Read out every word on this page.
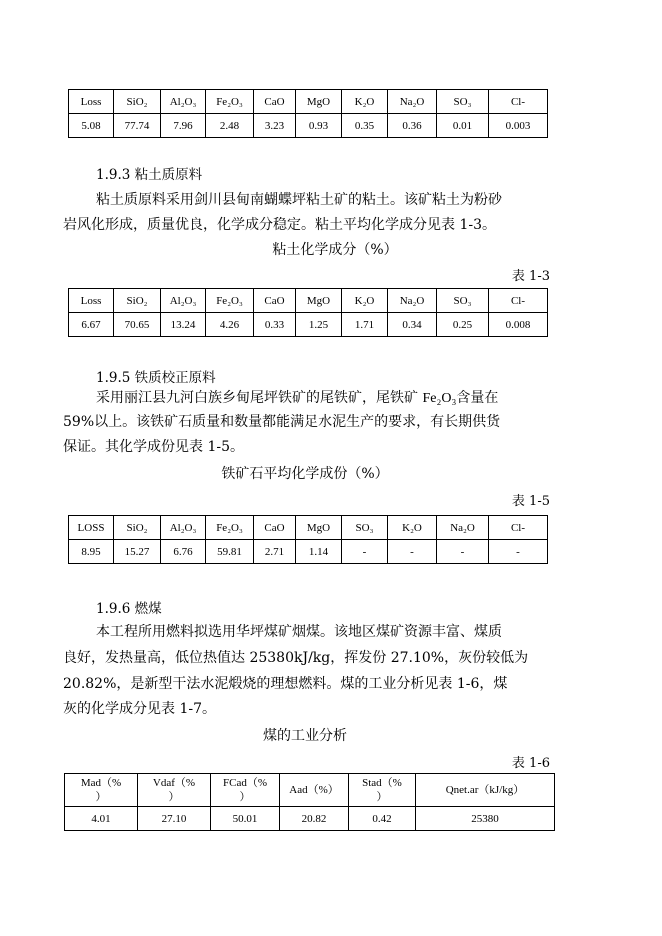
Loss	SiO₂	Al₂O₃	Fe₂O₃	CaO	MgO	K₂O	Na₂O	SO₃	Cl-
5.08	77.74	7.96	2.48	3.23	0.93	0.35	0.36	0.01	0.003
1.9.3 粘土质原料
粘土质原料采用剑川县甸南蝴蝶坪粘土矿的粘土。该矿粘土为粉砂
岩风化形成，质量优良，化学成分稳定。粘土平均化学成分见表 1-3。
粘土化学成分（%）
表 1-3
Loss	SiO₂	Al₂O₃	Fe₂O₃	CaO	MgO	K₂O	Na₂O	SO₃	Cl-
6.67	70.65	13.24	4.26	0.33	1.25	1.71	0.34	0.25	0.008
1.9.5 铁质校正原料
采用丽江县九河白族乡甸尾坪铁矿的尾铁矿，尾铁矿 Fe₂O₃含量在
59%以上。该铁矿石质量和数量都能满足水泥生产的要求，有长期供货
保证。其化学成份见表 1-5。
铁矿石平均化学成份（%）
表 1-5
LOSS	SiO₂	Al₂O₃	Fe₂O₃	CaO	MgO	SO₃	K₂O	Na₂O	Cl-
8.95	15.27	6.76	59.81	2.71	1.14	-	-	-	-
1.9.6 燃煤
本工程所用燃料拟选用华坪煤矿烟煤。该地区煤矿资源丰富、煤质
良好，发热量高，低位热值达 25380kJ/kg，挥发份 27.10%，灰份较低为
20.82%，是新型干法水泥煅烧的理想燃料。煤的工业分析见表 1-6，煤
灰的化学成分见表 1-7。
煤的工业分析
表 1-6
Mad（%
）	Vdaf（%
）	FCad（%
）	Aad（%）	Stad（%
）	Qnet.ar（kJ/kg）
4.01	27.10	50.01	20.82	0.42	25380
